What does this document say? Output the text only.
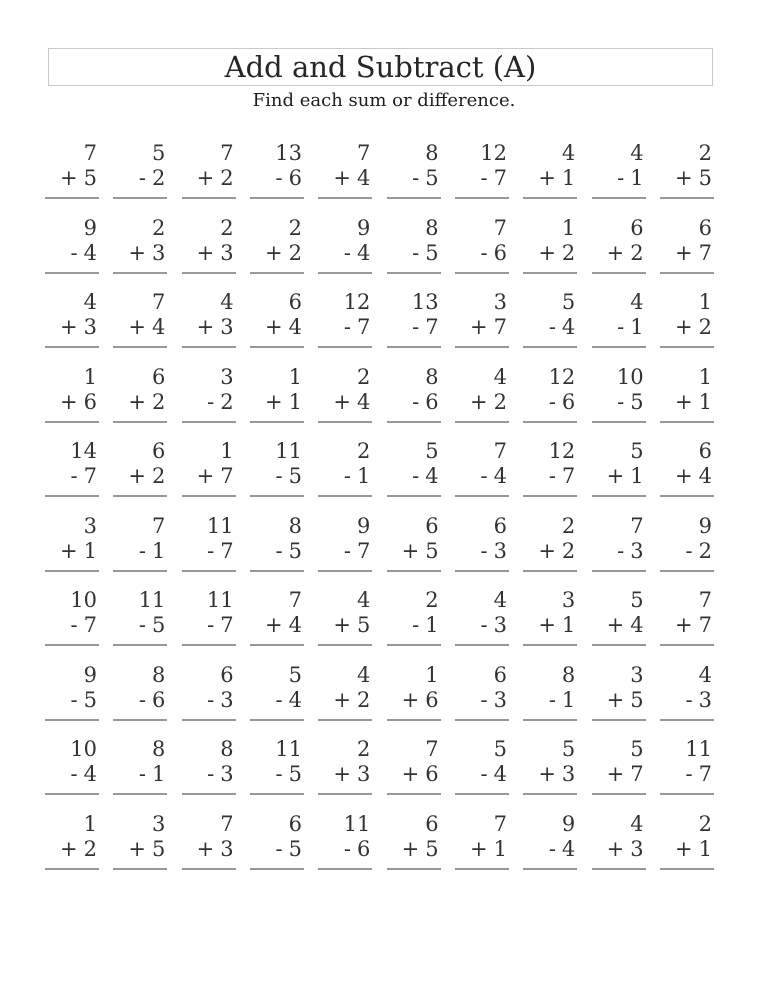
Add and Subtract (A)
Find each sum or difference.
7
+ 5
5
- 2
7
+ 2
13
- 6
7
+ 4
8
- 5
12
- 7
4
+ 1
4
- 1
2
+ 5
9
- 4
2
+ 3
2
+ 3
2
+ 2
9
- 4
8
- 5
7
- 6
1
+ 2
6
+ 2
6
+ 7
4
+ 3
7
+ 4
4
+ 3
6
+ 4
12
- 7
13
- 7
3
+ 7
5
- 4
4
- 1
1
+ 2
1
+ 6
6
+ 2
3
- 2
1
+ 1
2
+ 4
8
- 6
4
+ 2
12
- 6
10
- 5
1
+ 1
14
- 7
6
+ 2
1
+ 7
11
- 5
2
- 1
5
- 4
7
- 4
12
- 7
5
+ 1
6
+ 4
3
+ 1
7
- 1
11
- 7
8
- 5
9
- 7
6
+ 5
6
- 3
2
+ 2
7
- 3
9
- 2
10
- 7
11
- 5
11
- 7
7
+ 4
4
+ 5
2
- 1
4
- 3
3
+ 1
5
+ 4
7
+ 7
9
- 5
8
- 6
6
- 3
5
- 4
4
+ 2
1
+ 6
6
- 3
8
- 1
3
+ 5
4
- 3
10
- 4
8
- 1
8
- 3
11
- 5
2
+ 3
7
+ 6
5
- 4
5
+ 3
5
+ 7
11
- 7
1
+ 2
3
+ 5
7
+ 3
6
- 5
11
- 6
6
+ 5
7
+ 1
9
- 4
4
+ 3
2
+ 1
